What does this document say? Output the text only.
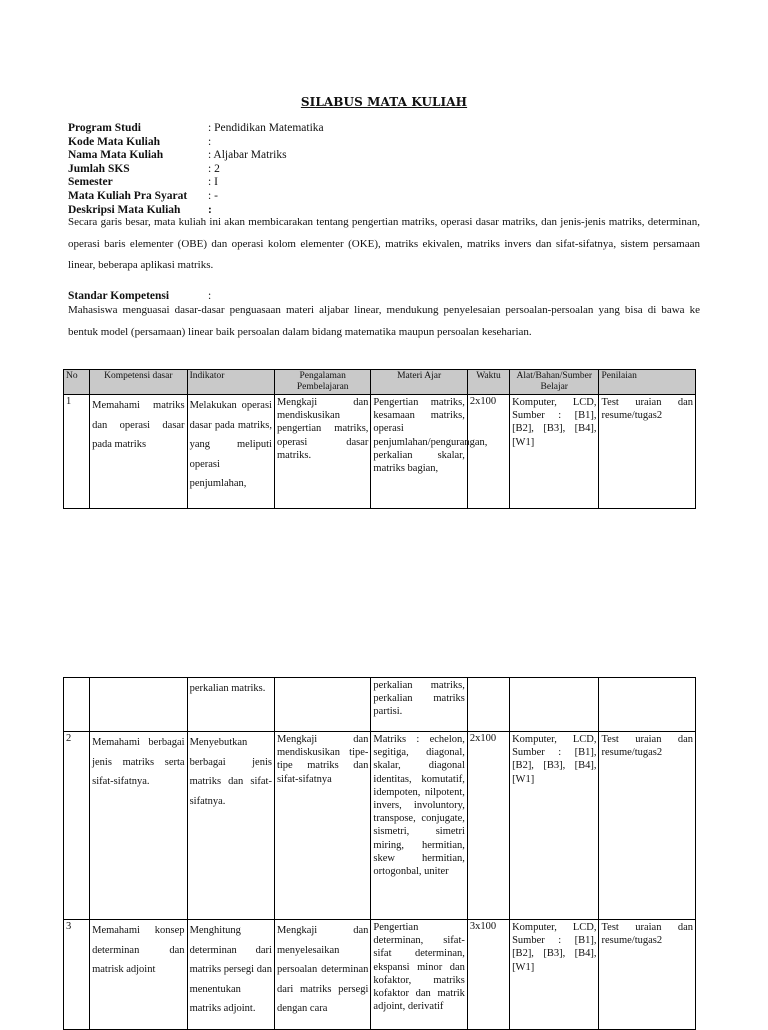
SILABUS MATA KULIAH
Program Studi	: Pendidikan Matematika
Kode Mata Kuliah	:
Nama Mata Kuliah	: Aljabar Matriks
Jumlah SKS	: 2
Semester	: I
Mata Kuliah Pra Syarat	: -
Deskripsi Mata Kuliah	:
Secara garis besar, mata kuliah ini akan membicarakan tentang pengertian matriks, operasi dasar matriks, dan jenis-jenis matriks, determinan, operasi baris elementer (OBE) dan operasi kolom elementer (OKE), matriks ekivalen, matriks invers dan sifat-sifatnya, sistem persamaan linear, beberapa aplikasi matriks.
Standar Kompetensi	:
Mahasiswa menguasai dasar-dasar penguasaan materi aljabar linear, mendukung penyelesaian persoalan-persoalan yang bisa di bawa ke bentuk model (persamaan) linear baik persoalan dalam bidang matematika maupun persoalan keseharian.
No	Kompetensi dasar	Indikator	Pengalaman Pembelajaran	Materi Ajar	Waktu	Alat/Bahan/Sumber Belajar	Penilaian
1	Memahami matriks dan operasi dasar pada matriks	Melakukan operasi dasar pada matriks, yang meliputi operasi penjumlahan,	Mengkaji dan mendiskusikan pengertian matriks, operasi dasar matriks.	Pengertian matriks, kesamaan matriks, operasi penjumlahan/pengurangan, perkalian skalar, matriks bagian,	2x100	Komputer, LCD, Sumber : [B1], [B2], [B3], [B4], [W1]	Test uraian dan resume/tugas2
		perkalian matriks.		perkalian matriks, perkalian matriks partisi.			
2	Memahami berbagai jenis matriks serta sifat-sifatnya.	Menyebutkan berbagai jenis matriks dan sifat-sifatnya.	Mengkaji dan mendiskusikan tipe-tipe matriks dan sifat-sifatnya	Matriks : echelon, segitiga, diagonal, skalar, diagonal identitas, komutatif, idempoten, nilpotent, invers, involuntory, transpose, conjugate, sismetri, simetri miring, hermitian, skew hermitian, ortogonbal, uniter	2x100	Komputer, LCD, Sumber : [B1], [B2], [B3], [B4], [W1]	Test uraian dan resume/tugas2
3	Memahami konsep determinan dan matrisk adjoint	Menghitung determinan dari matriks persegi dan menentukan matriks adjoint.	Mengkaji dan menyelesaikan persoalan determinan dari matriks persegi dengan cara	Pengertian determinan, sifat-sifat determinan, ekspansi minor dan kofaktor, matriks kofaktor dan matrik adjoint, derivatif	3x100	Komputer, LCD, Sumber : [B1], [B2], [B3], [B4], [W1]	Test uraian dan resume/tugas2
